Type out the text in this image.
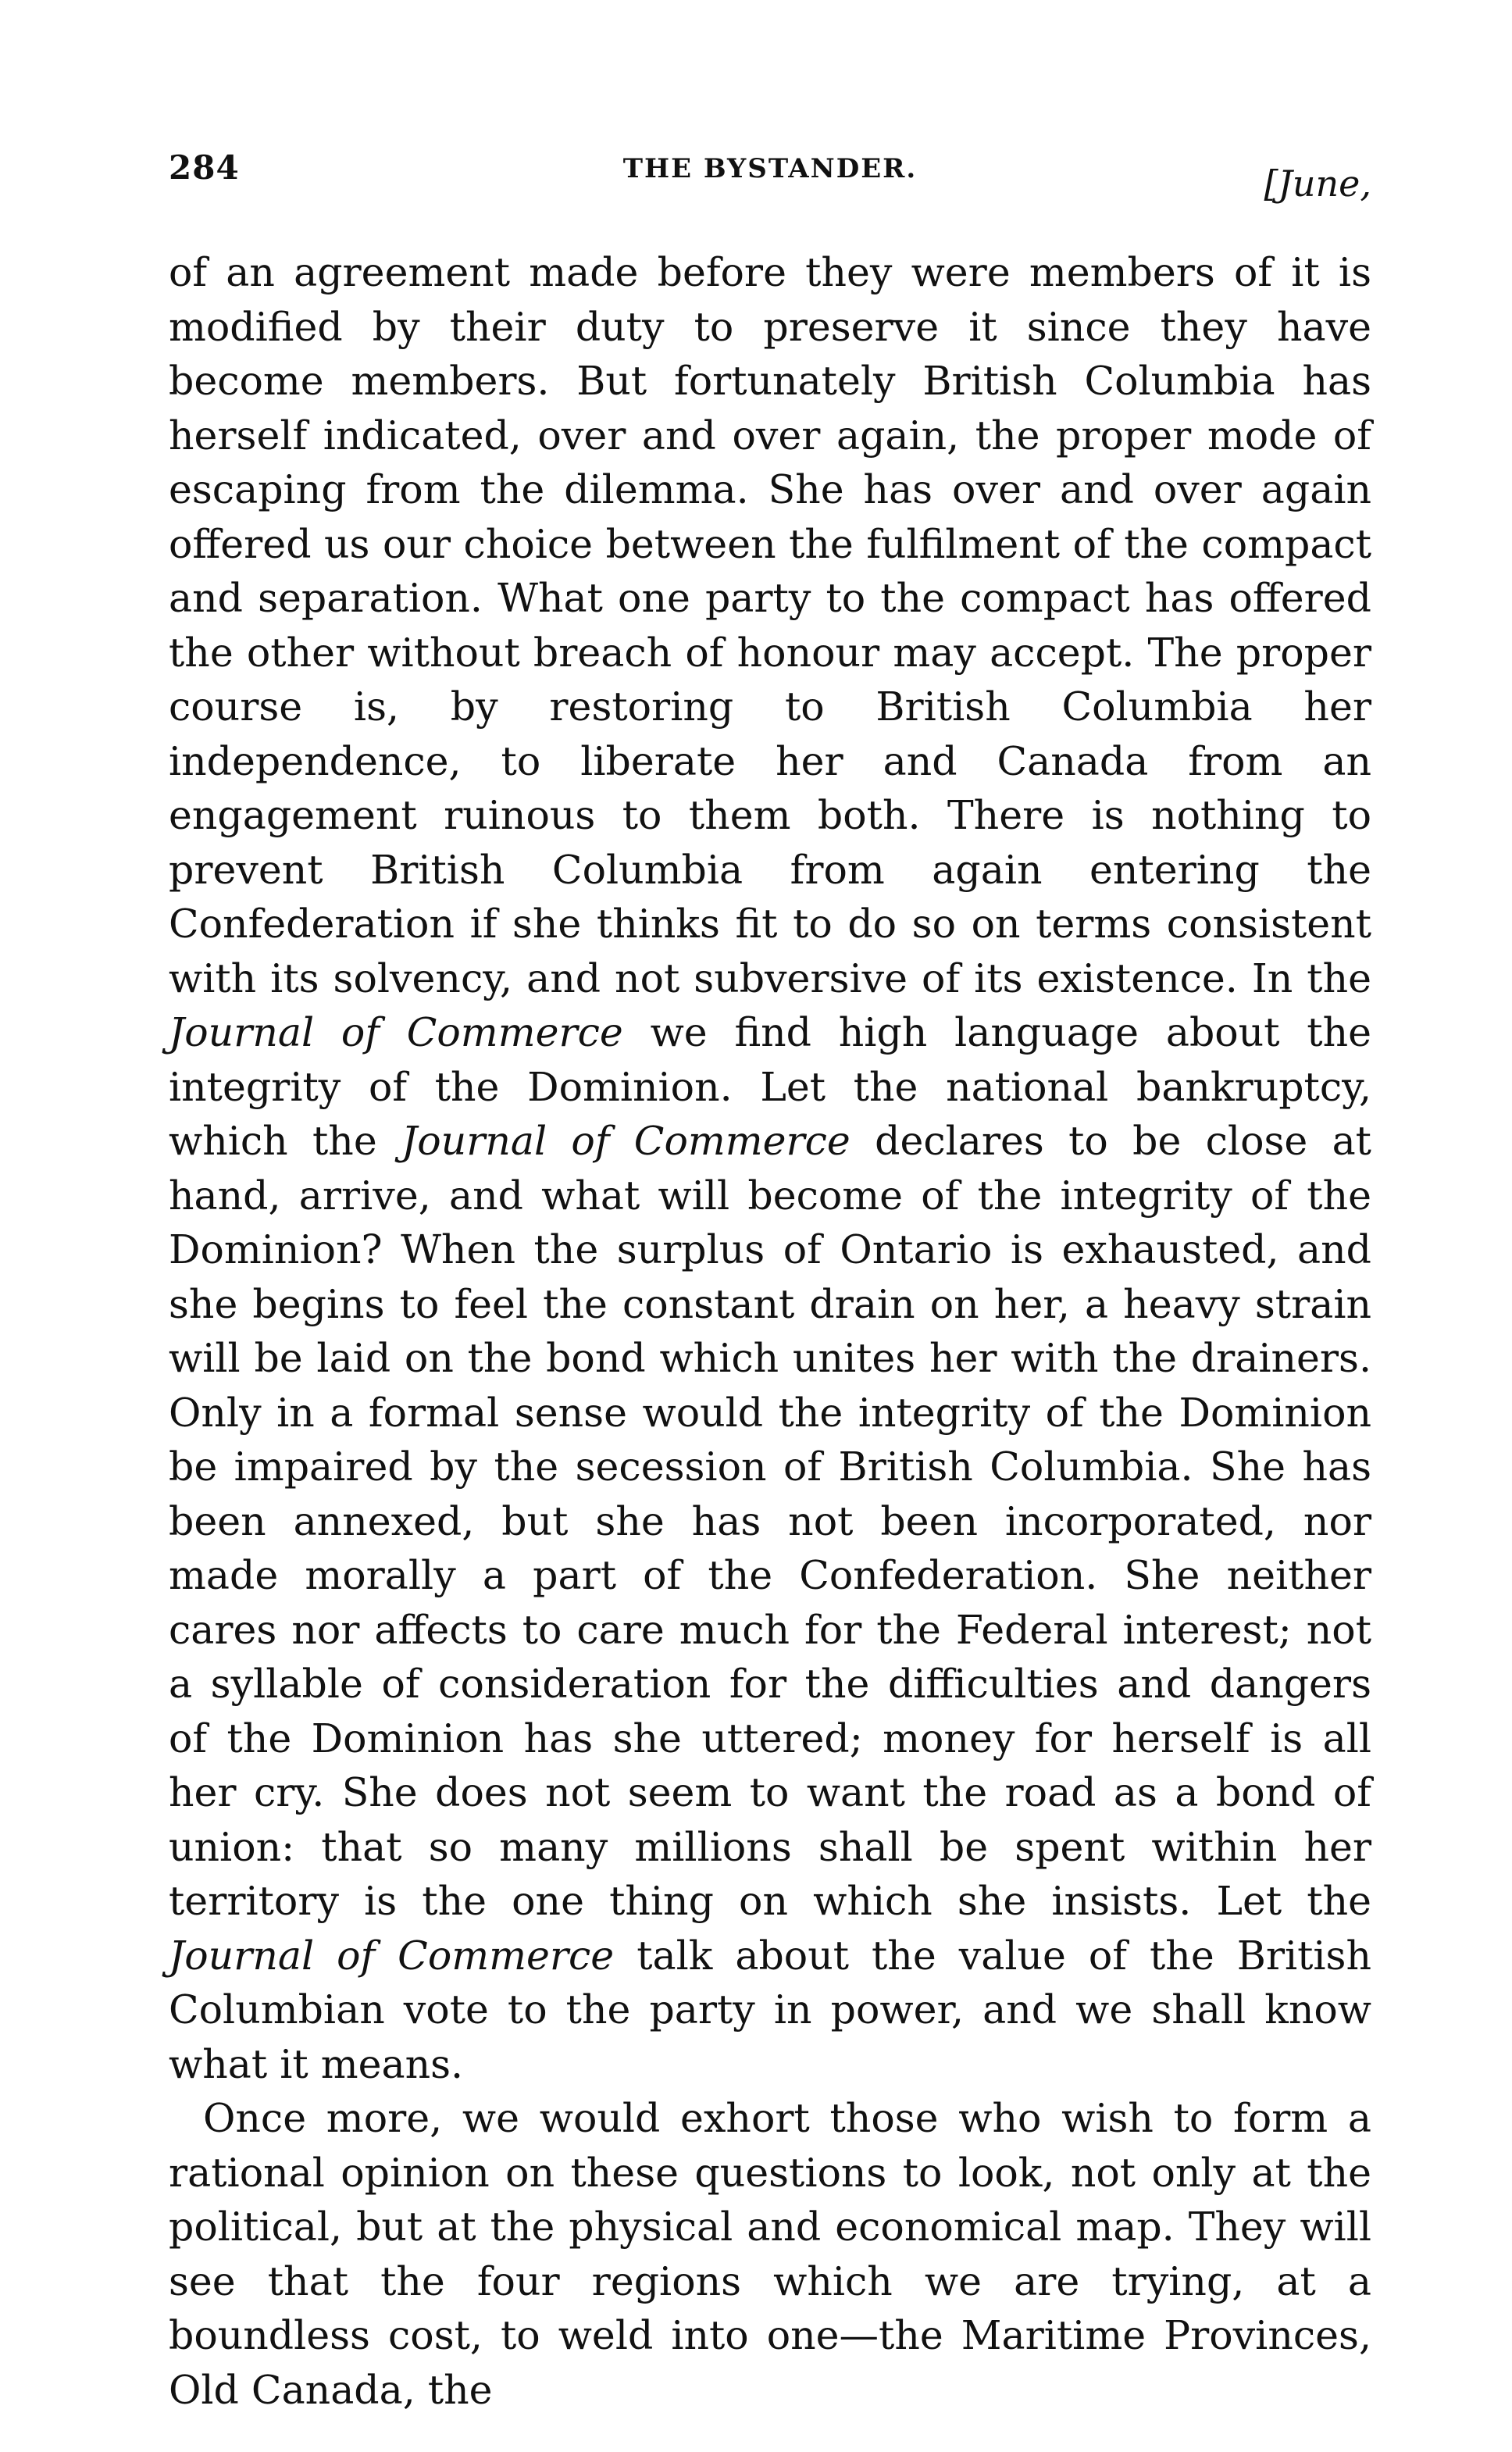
284	THE BYSTANDER.	[June,

of an agreement made before they were members of it is modified by their duty to preserve it since they have become members. But fortunately British Columbia has herself indicated, over and over again, the proper mode of escaping from the dilemma. She has over and over again offered us our choice between the fulfilment of the compact and separation. What one party to the compact has offered the other without breach of honour may accept. The proper course is, by restoring to British Columbia her independence, to liberate her and Canada from an engagement ruinous to them both. There is nothing to prevent British Columbia from again entering the Confederation if she thinks fit to do so on terms consistent with its solvency, and not subversive of its existence. In the Journal of Commerce we find high language about the integrity of the Dominion. Let the national bankruptcy, which the Journal of Commerce declares to be close at hand, arrive, and what will become of the integrity of the Dominion? When the surplus of Ontario is exhausted, and she begins to feel the constant drain on her, a heavy strain will be laid on the bond which unites her with the drainers. Only in a formal sense would the integrity of the Dominion be impaired by the secession of British Columbia. She has been annexed, but she has not been incorporated, nor made morally a part of the Confederation. She neither cares nor affects to care much for the Federal interest; not a syllable of consideration for the difficulties and dangers of the Dominion has she uttered; money for herself is all her cry. She does not seem to want the road as a bond of union: that so many millions shall be spent within her territory is the one thing on which she insists. Let the Journal of Commerce talk about the value of the British Columbian vote to the party in power, and we shall know what it means.

Once more, we would exhort those who wish to form a rational opinion on these questions to look, not only at the political, but at the physical and economical map. They will see that the four regions which we are trying, at a boundless cost, to weld into one—the Maritime Provinces, Old Canada, the
